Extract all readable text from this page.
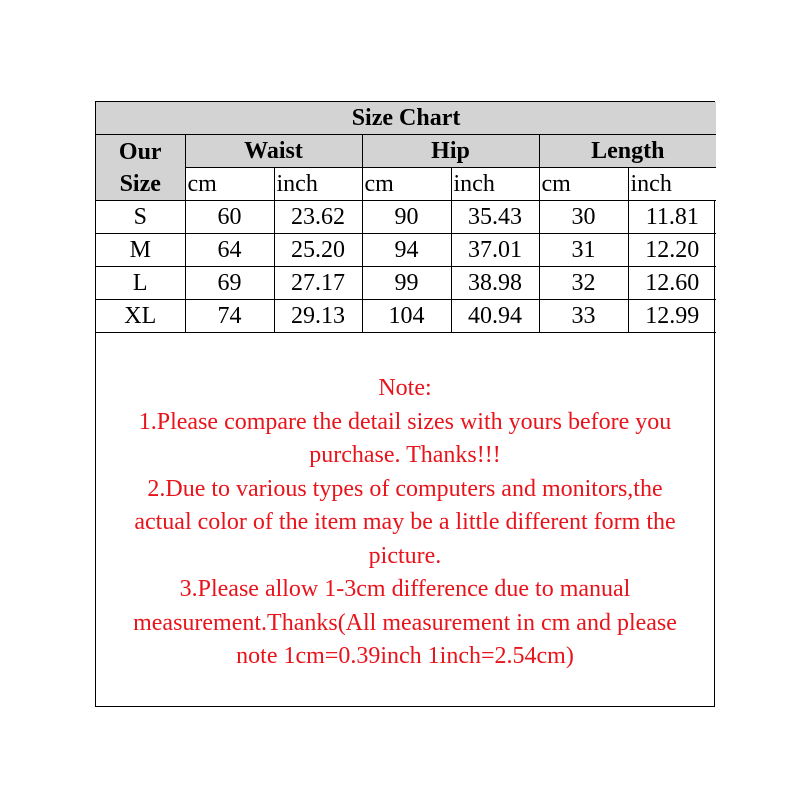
Size Chart						

Our
Size	Waist		Hip		Length	
	cm	inch	cm	inch	cm	inch
S	60	23.62	90	35.43	30	11.81
M	64	25.20	94	37.01	31	12.20
L	69	27.17	99	38.98	32	12.60
XL	74	29.13	104	40.94	33	12.99
Note:
1.Please compare the detail sizes with yours before you
purchase. Thanks!!!
2.Due to various types of computers and monitors,the
actual color of the item may be a little different form the
picture.
3.Please allow 1-3cm difference due to manual
measurement.Thanks(All measurement in cm and please
note 1cm=0.39inch 1inch=2.54cm)
